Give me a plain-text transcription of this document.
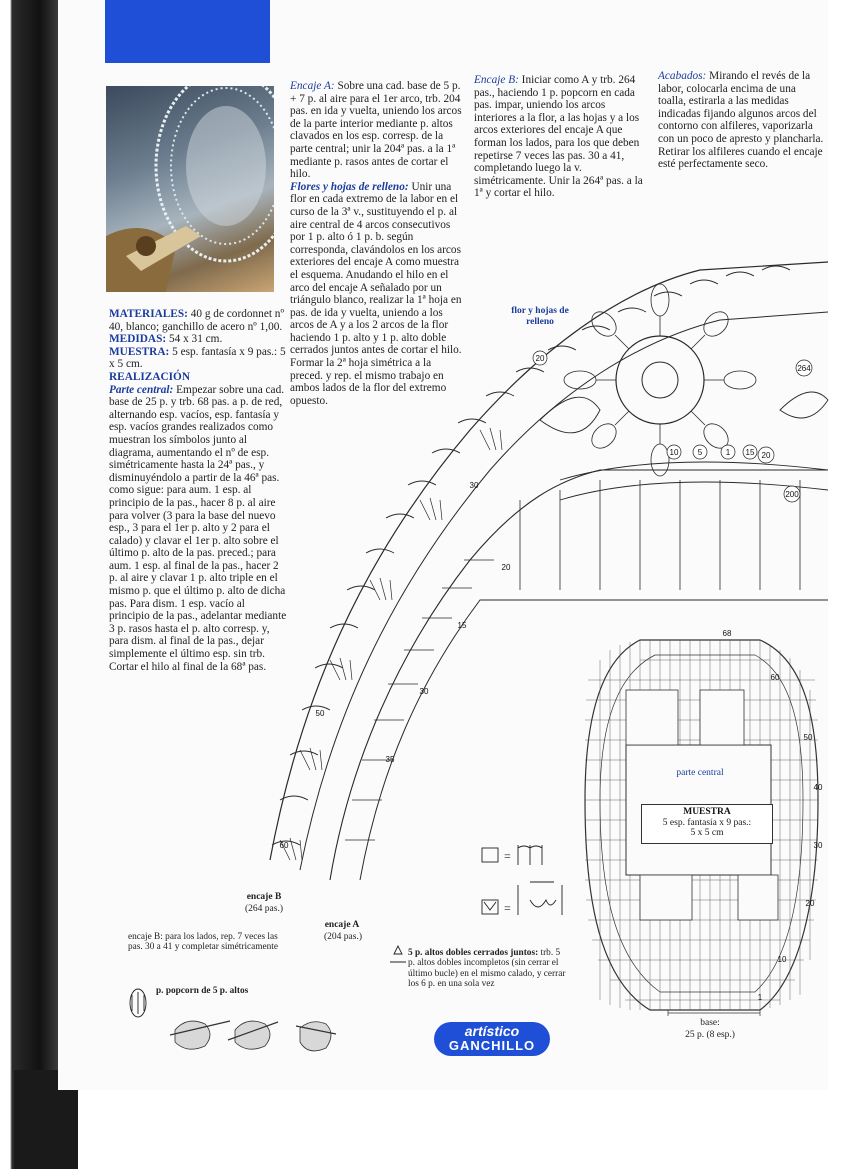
MATERIALES: 40 g de cordonnet nº 40, blanco; ganchillo de acero nº 1,00.

MEDIDAS: 54 x 31 cm.

MUESTRA: 5 esp. fantasía x 9 pas.: 5 x 5 cm.

REALIZACIÓN

Parte central: Empezar sobre una cad. base de 25 p. y trb. 68 pas. a p. de red, alternando esp. vacíos, esp. fantasía y esp. vacíos grandes realizados como muestran los símbolos junto al diagrama, aumentando el nº de esp. simétricamente hasta la 24ª pas., y disminuyéndolo a partir de la 46ª pas. como sigue: para aum. 1 esp. al principio de la pas., hacer 8 p. al aire para volver (3 para la base del nuevo esp., 3 para el 1er p. alto y 2 para el calado) y clavar el 1er p. alto sobre el último p. alto de la pas. preced.; para aum. 1 esp. al final de la pas., hacer 2 p. al aire y clavar 1 p. alto triple en el mismo p. que el último p. alto de dicha pas. Para dism. 1 esp. vacío al principio de la pas., adelantar mediante 3 p. rasos hasta el p. alto corresp. y, para dism. al final de la pas., dejar simplemente el último esp. sin trb. Cortar el hilo al final de la 68ª pas.

Encaje A: Sobre una cad. base de 5 p. + 7 p. al aire para el 1er arco, trb. 204 pas. en ida y vuelta, uniendo los arcos de la parte interior mediante p. altos clavados en los esp. corresp. de la parte central; unir la 204ª pas. a la 1ª mediante p. rasos antes de cortar el hilo.

Flores y hojas de relleno: Unir una flor en cada extremo de la labor en el curso de la 3ª v., sustituyendo el p. al aire central de 4 arcos consecutivos por 1 p. alto ó 1 p. b. según corresponda, clavándolos en los arcos exteriores del encaje A como muestra el esquema. Anudando el hilo en el arco del encaje A señalado por un triángulo blanco, realizar la 1ª hoja en pas. de ida y vuelta, uniendo a los arcos de A y a los 2 arcos de la flor haciendo 1 p. alto y 1 p. alto doble cerrados juntos antes de cortar el hilo. Formar la 2ª hoja simétrica a la preced. y rep. el mismo trabajo en ambos lados de la flor del extremo opuesto.

Encaje B: Iniciar como A y trb. 264 pas., haciendo 1 p. popcorn en cada pas. impar, uniendo los arcos interiores a la flor, a las hojas y a los arcos exteriores del encaje A que forman los lados, para los que deben repetirse 7 veces las pas. 30 a 41, completando luego la v. simétricamente. Unir la 264ª pas. a la 1ª y cortar el hilo.

Acabados: Mirando el revés de la labor, colocarla encima de una toalla, estirarla a las medidas indicadas fijando algunos arcos del contorno con alfileres, vaporizarla con un poco de apresto y plancharla. Retirar los alfileres cuando el encaje esté perfectamente seco.

20
264
1
5
10	15 20
200
30
20
15
30
35
50
60
68
60
50
40
30
20
10
1
=
=
flor y hojas de relleno
encaje B
(264 pas.)
encaje A
(204 pas.)
parte central
MUESTRA
5 esp. fantasía x 9 pas.:
5 x 5 cm
base:
25 p. (8 esp.)
encaje B: para los lados, rep. 7 veces las pas. 30 a 41 y completar simétricamente
5 p. altos dobles cerrados juntos: trb. 5 p. altos dobles incompletos (sin cerrar el último bucle) en el mismo calado, y cerrar los 6 p. en una sola vez
p. popcorn de 5 p. altos
artístico
GANCHILLO
